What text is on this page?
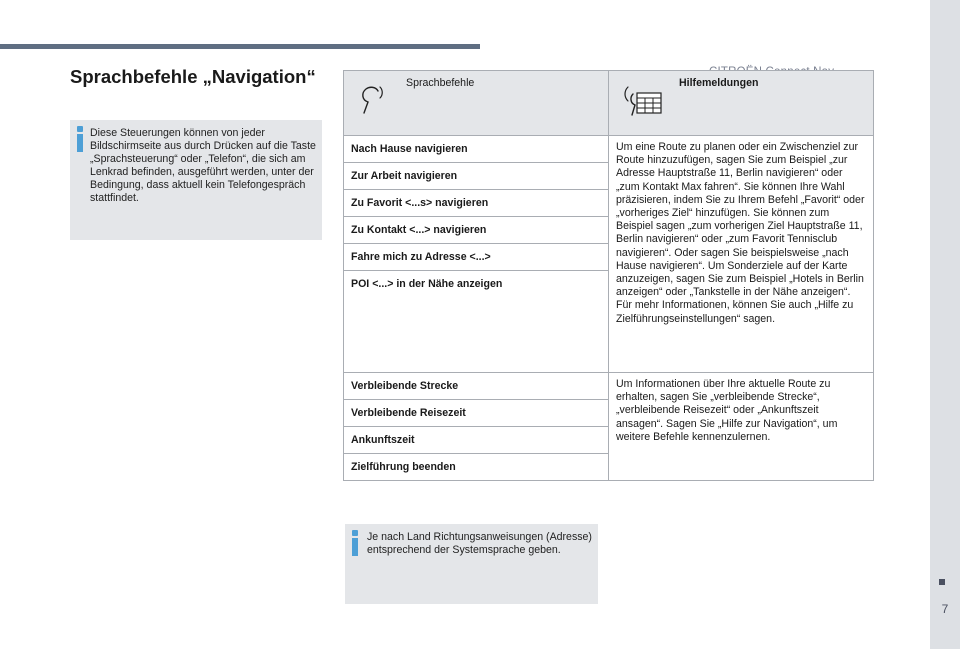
7
Sprachbefehle „Navigation“
Diese Steuerungen können von jeder Bildschirmseite aus durch Drücken auf die Taste „Sprachsteuerung“ oder „Telefon“, die sich am Lenkrad befinden, ausgeführt werden, unter der Bedingung, dass aktuell kein Telefongespräch stattfindet.
Sprachbefehle	Hilfemeldungen

Nach Hause navigieren	Um eine Route zu planen oder ein Zwischenziel zur Route hinzuzufügen, sagen Sie zum Beispiel „zur Adresse Hauptstraße 11, Berlin navigieren“ oder „zum Kontakt Max fahren“. Sie können Ihre Wahl präzisieren, indem Sie zu Ihrem Befehl „Favorit“ oder „vorheriges Ziel“ hinzufügen. Sie können zum Beispiel sagen „zum vorherigen Ziel Hauptstraße 11, Berlin navigieren“ oder „zum Favorit Tennisclub navigieren“. Oder sagen Sie beispielsweise „nach Hause navigieren“. Um Sonderziele auf der Karte anzuzeigen, sagen Sie zum Beispiel „Hotels in Berlin anzeigen“ oder „Tankstelle in der Nähe anzeigen“. Für mehr Informationen, können Sie auch „Hilfe zu Zielführungseinstellungen“ sagen.
Zur Arbeit navigieren	
Zu Favorit <...s> navigieren	
Zu Kontakt <...> navigieren	
Fahre mich zu Adresse <...>	
POI <...> in der Nähe anzeigen	
Verbleibende Strecke	Um Informationen über Ihre aktuelle Route zu erhalten, sagen Sie „verbleibende Strecke“, „verbleibende Reisezeit“ oder „Ankunftszeit ansagen“. Sagen Sie „Hilfe zur Navigation“, um weitere Befehle kennenzulernen.
Verbleibende Reisezeit	
Ankunftszeit	
Zielführung beenden	
Je nach Land Richtungsanweisungen (Adresse) entsprechend der Systemsprache geben.
